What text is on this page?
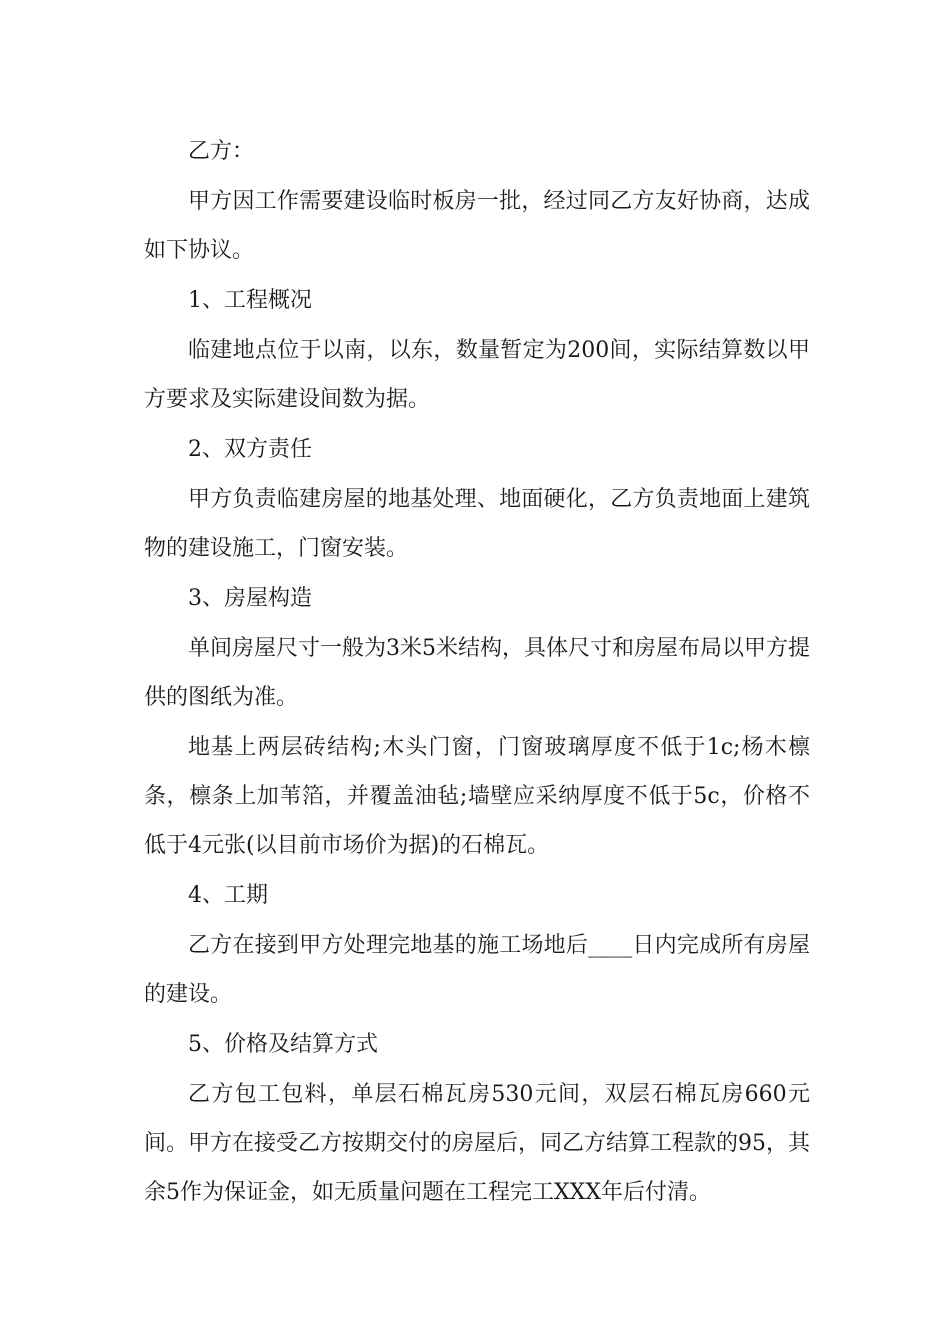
乙方：

甲方因工作需要建设临时板房一批，经过同乙方友好协商，达成如下协议。

1、工程概况

临建地点位于以南，以东，数量暂定为200间，实际结算数以甲方要求及实际建设间数为据。

2、双方责任

甲方负责临建房屋的地基处理、地面硬化，乙方负责地面上建筑物的建设施工，门窗安装。

3、房屋构造

单间房屋尺寸一般为3米5米结构，具体尺寸和房屋布局以甲方提供的图纸为准。

地基上两层砖结构;木头门窗，门窗玻璃厚度不低于1c;杨木檩条，檩条上加苇箔，并覆盖油毡;墙壁应采纳厚度不低于5c，价格不低于4元张(以目前市场价为据)的石棉瓦。

4、工期

乙方在接到甲方处理完地基的施工场地后____日内完成所有房屋的建设。

5、价格及结算方式

乙方包工包料，单层石棉瓦房530元间，双层石棉瓦房660元间。甲方在接受乙方按期交付的房屋后，同乙方结算工程款的95，其余5作为保证金，如无质量问题在工程完工XXX年后付清。
